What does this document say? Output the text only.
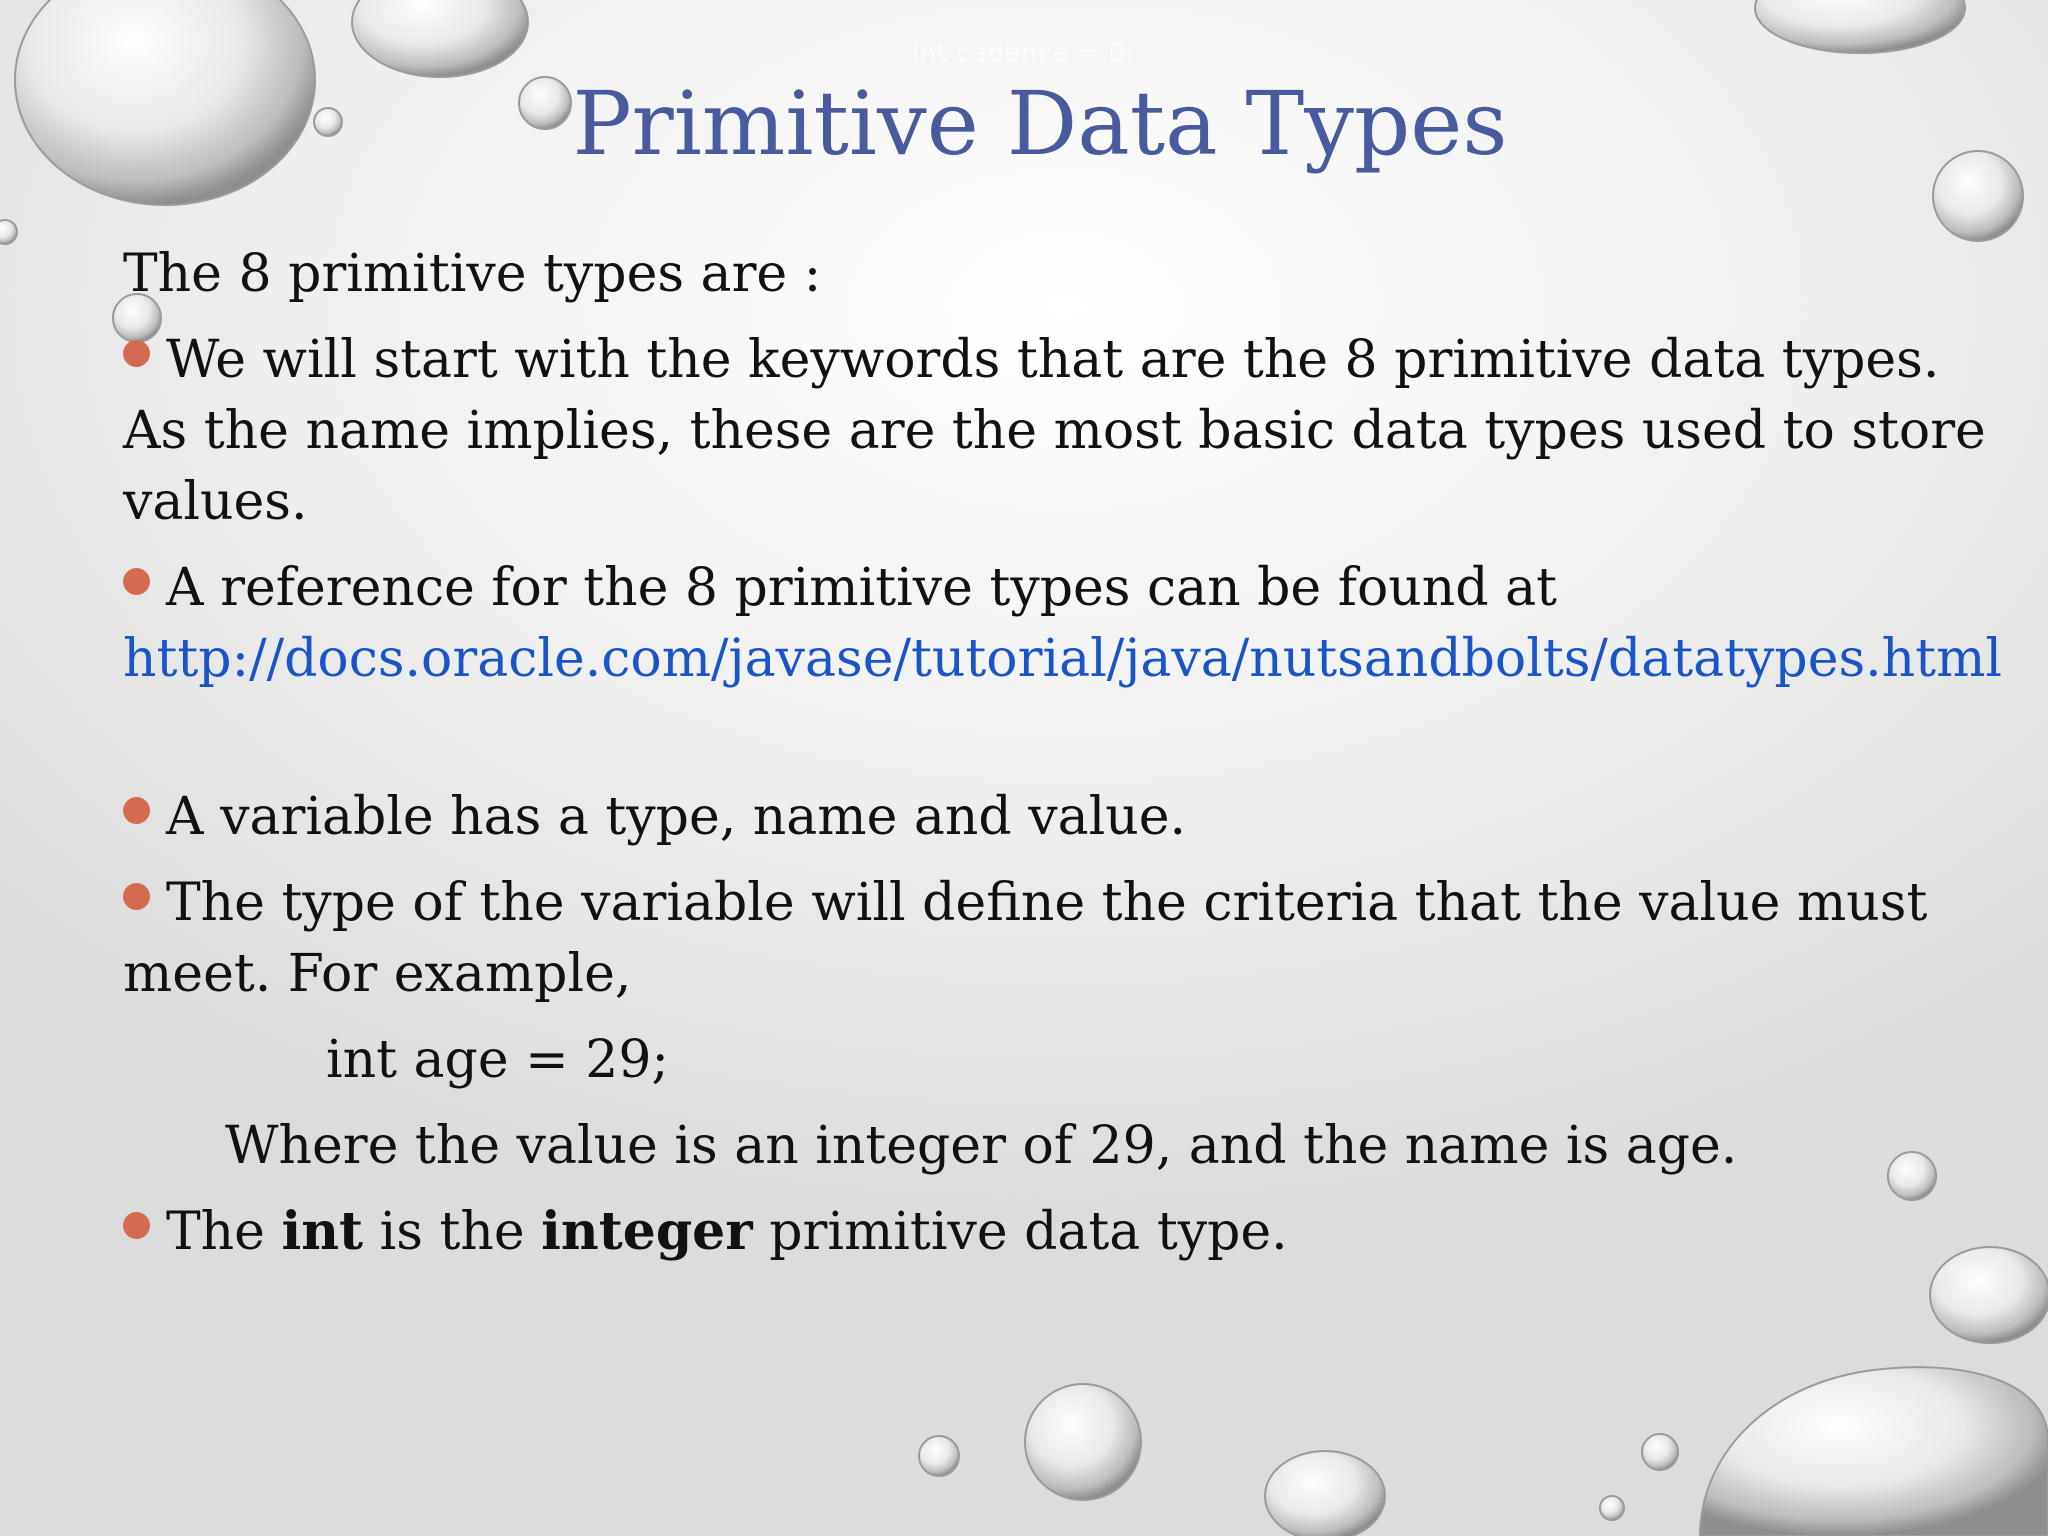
int cadence = 0;
Primitive Data Types
The 8 primitive types are :
We will start with the keywords that are the 8 primitive data types.
As the name implies, these are the most basic data types used to store
values.
A reference for the 8 primitive types can be found at
http://docs.oracle.com/javase/tutorial/java/nutsandbolts/datatypes.html
A variable has a type, name and value.
The type of the variable will define the criteria that the value must
meet. For example,
int age = 29;
Where the value is an integer of 29, and the name is age.
The int is the integer primitive data type.
